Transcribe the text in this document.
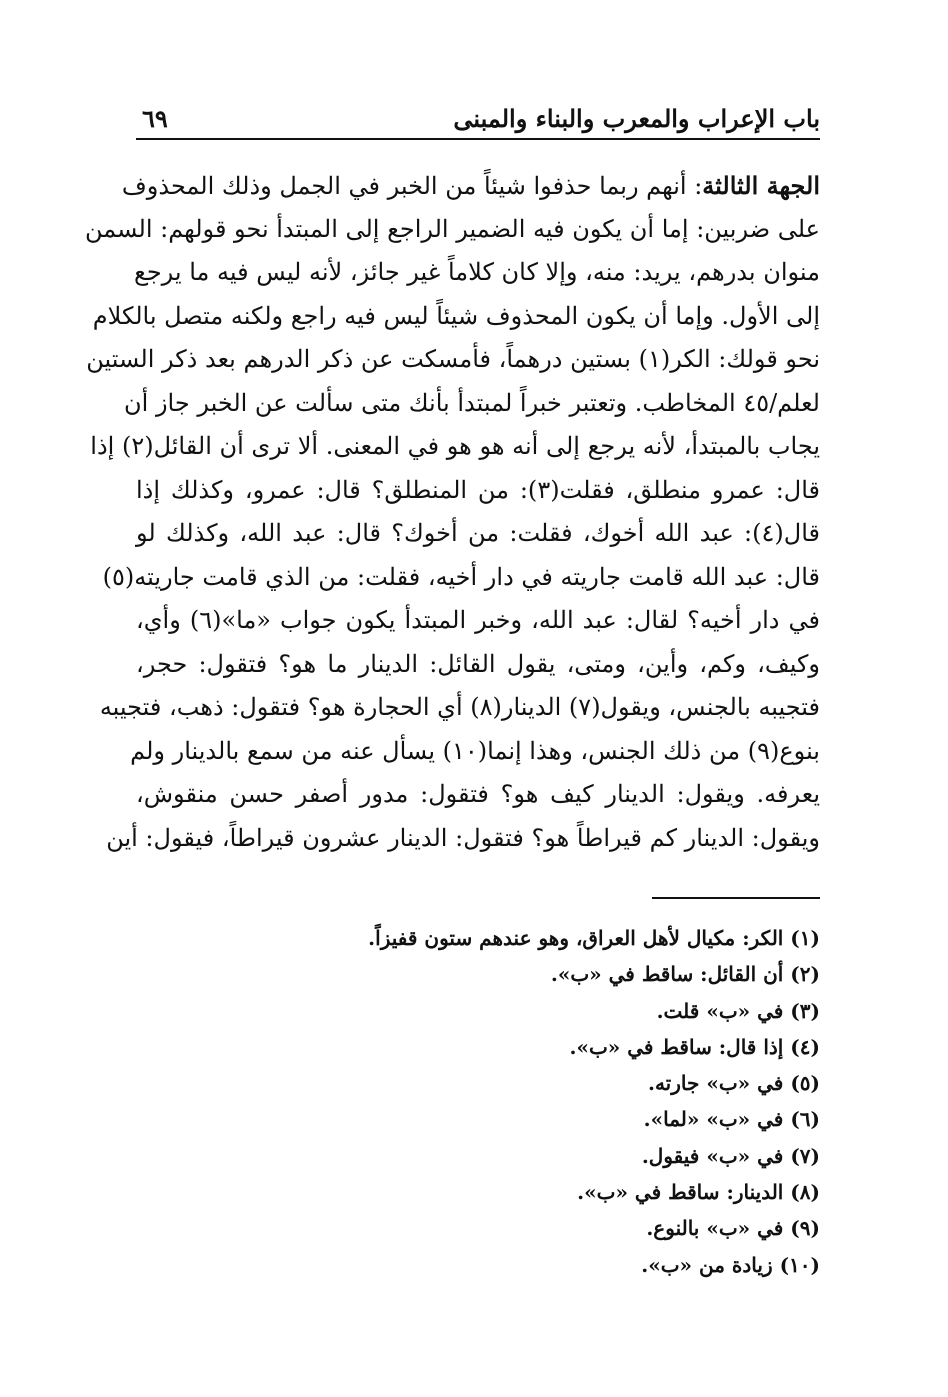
باب الإعراب والمعرب والبناء والمبنى
٦٩
الجهة الثالثة: أنهم ربما حذفوا شيئاً من الخبر في الجمل وذلك المحذوف
على ضربين: إما أن يكون فيه الضمير الراجع إلى المبتدأ نحو قولهم: السمن
منوان بدرهم، يريد: منه، وإلا كان كلاماً غير جائز، لأنه ليس فيه ما يرجع
إلى الأول. وإما أن يكون المحذوف شيئاً ليس فيه راجع ولكنه متصل بالكلام
نحو قولك: الكر(١) بستين درهماً، فأمسكت عن ذكر الدرهم بعد ذكر الستين
لعلم/٤٥ المخاطب. وتعتبر خبراً لمبتدأ بأنك متى سألت عن الخبر جاز أن
يجاب بالمبتدأ، لأنه يرجع إلى أنه هو هو في المعنى. ألا ترى أن القائل(٢) إذا
قال: عمرو منطلق، فقلت(٣): من المنطلق؟ قال: عمرو، وكذلك إذا
قال(٤): عبد الله أخوك، فقلت: من أخوك؟ قال: عبد الله، وكذلك لو
قال: عبد الله قامت جاريته في دار أخيه، فقلت: من الذي قامت جاريته(٥)
في دار أخيه؟ لقال: عبد الله، وخبر المبتدأ يكون جواب «ما»(٦) وأي،
وكيف، وكم، وأين، ومتى، يقول القائل: الدينار ما هو؟ فتقول: حجر،
فتجيبه بالجنس، ويقول(٧) الدينار(٨) أي الحجارة هو؟ فتقول: ذهب، فتجيبه
بنوع(٩) من ذلك الجنس، وهذا إنما(١٠) يسأل عنه من سمع بالدينار ولم
يعرفه. ويقول: الدينار كيف هو؟ فتقول: مدور أصفر حسن منقوش،
ويقول: الدينار كم قيراطاً هو؟ فتقول: الدينار عشرون قيراطاً، فيقول: أين
(١) الكر: مكيال لأهل العراق، وهو عندهم ستون قفيزاً.
(٢) أن القائل: ساقط في «ب».
(٣) في «ب» قلت.
(٤) إذا قال: ساقط في «ب».
(٥) في «ب» جارته.
(٦) في «ب» «لما».
(٧) في «ب» فيقول.
(٨) الدينار: ساقط في «ب».
(٩) في «ب» بالنوع.
(١٠) زيادة من «ب».
